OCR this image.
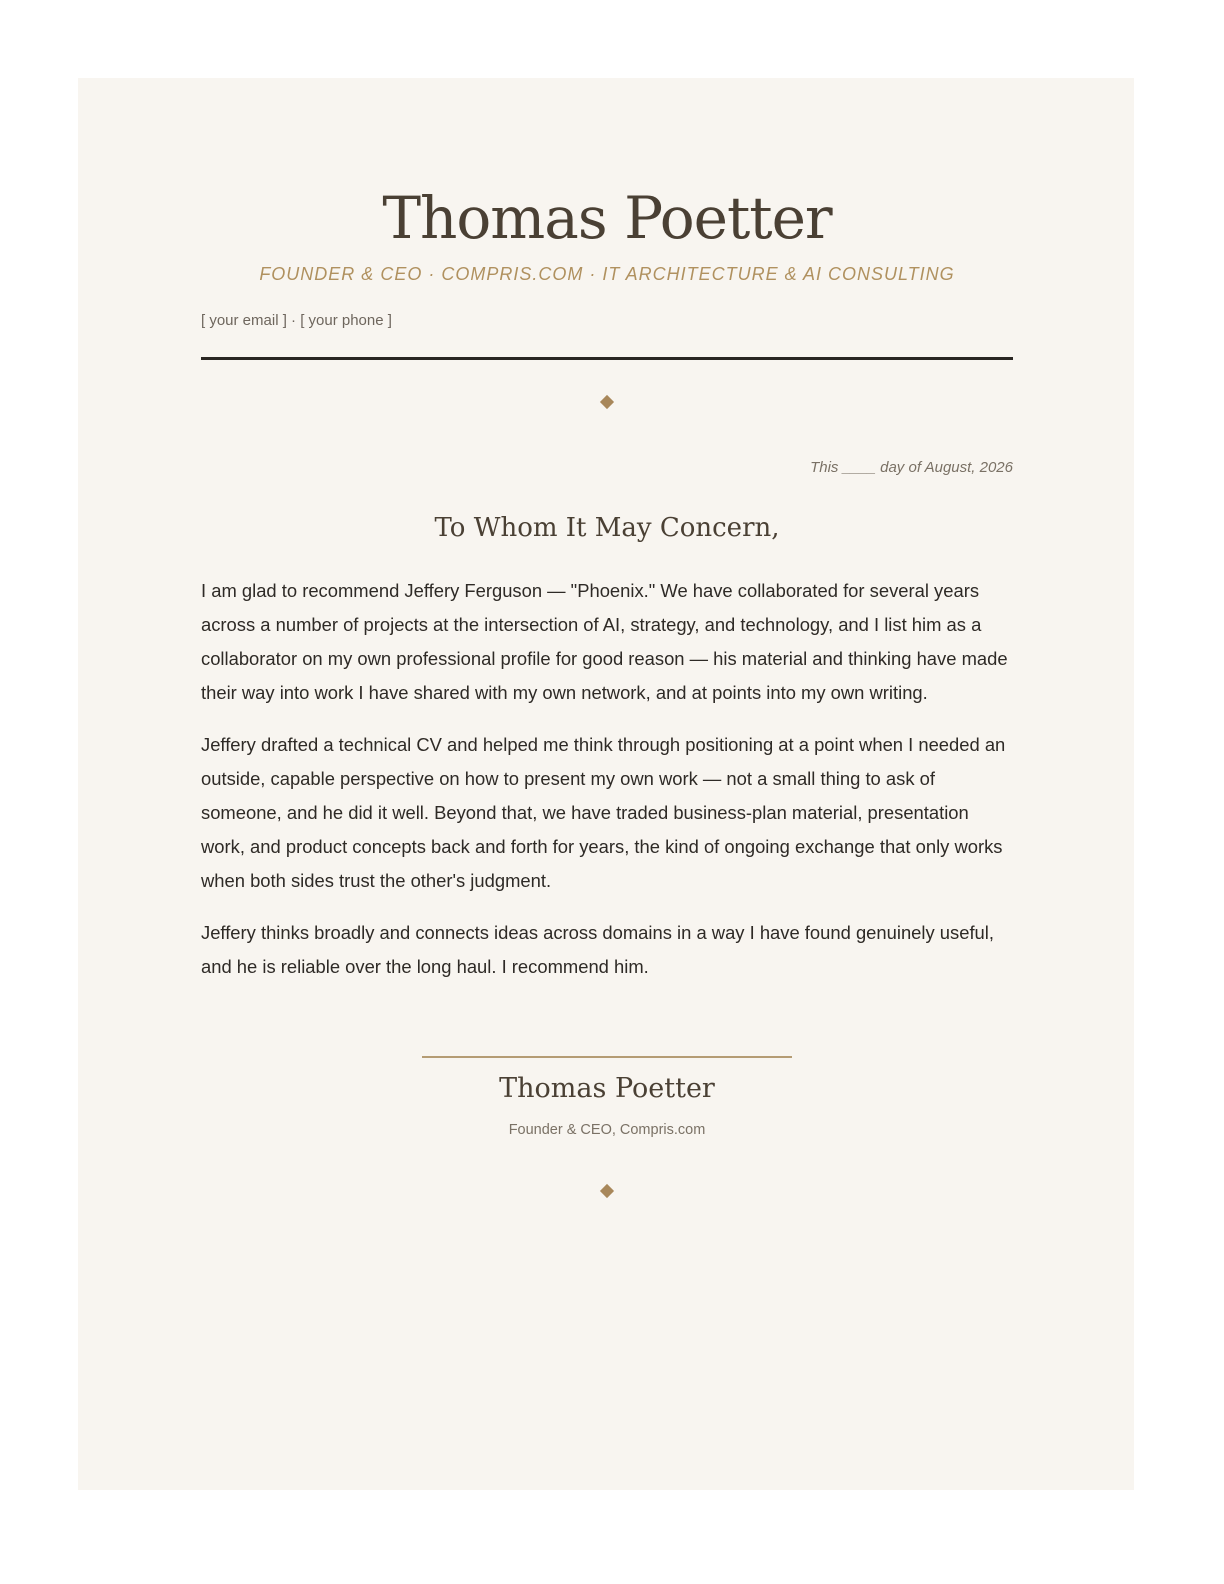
Thomas Poetter
FOUNDER & CEO · COMPRIS.COM · IT ARCHITECTURE & AI CONSULTING
[ your email ] · [ your phone ]
This ____ day of August, 2026
To Whom It May Concern,

I am glad to recommend Jeffery Ferguson — "Phoenix." We have collaborated for several years across a number of projects at the intersection of AI, strategy, and technology, and I list him as a collaborator on my own professional profile for good reason — his material and thinking have made their way into work I have shared with my own network, and at points into my own writing.

Jeffery drafted a technical CV and helped me think through positioning at a point when I needed an outside, capable perspective on how to present my own work — not a small thing to ask of someone, and he did it well. Beyond that, we have traded business-plan material, presentation work, and product concepts back and forth for years, the kind of ongoing exchange that only works when both sides trust the other's judgment.

Jeffery thinks broadly and connects ideas across domains in a way I have found genuinely useful, and he is reliable over the long haul. I recommend him.

Thomas Poetter
Founder & CEO, Compris.com
